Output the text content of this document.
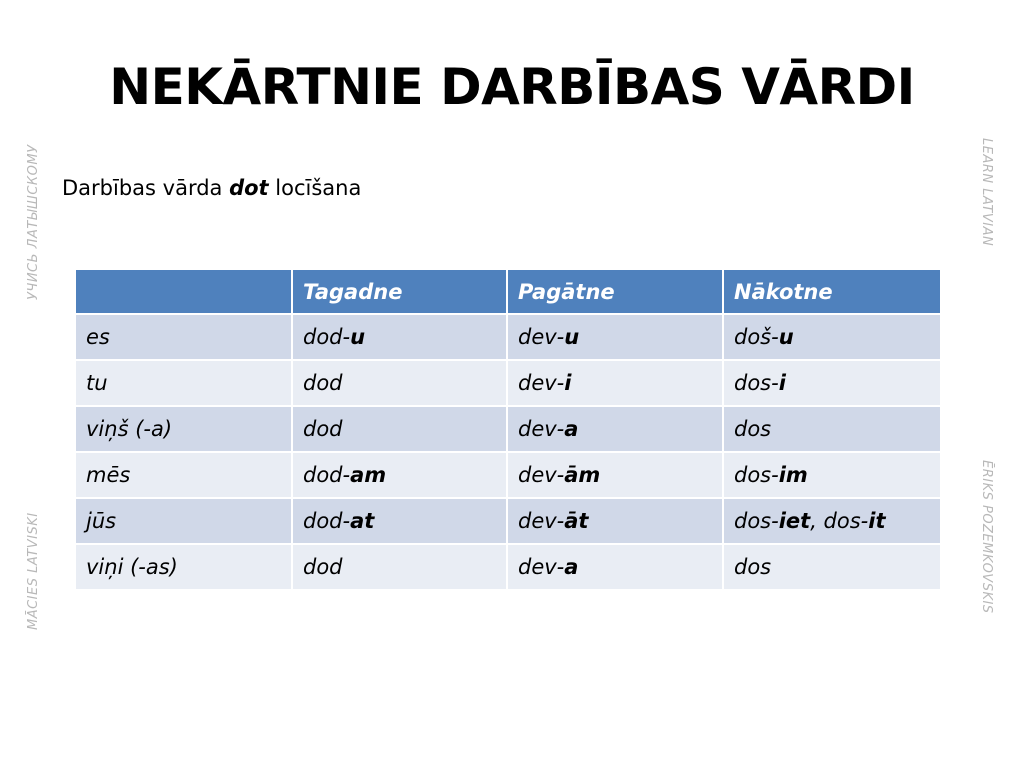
NEKĀRTNIE DARBĪBAS VĀRDI
Darbības vārda dot locīšana
	Tagadne	Pagātne	Nākotne
es	dod-u	dev-u	doš-u
tu	dod	dev-i	dos-i
viņš (-a)	dod	dev-a	dos
mēs	dod-am	dev-ām	dos-im
jūs	dod-at	dev-āt	dos-iet, dos-it
viņi (-as)	dod	dev-a	dos
УЧИСЬ ЛАТЫШСКОМУ
MĀCIES LATVISKI
LEARN LATVIAN
ĒRIKS POZEMKOVSKIS
